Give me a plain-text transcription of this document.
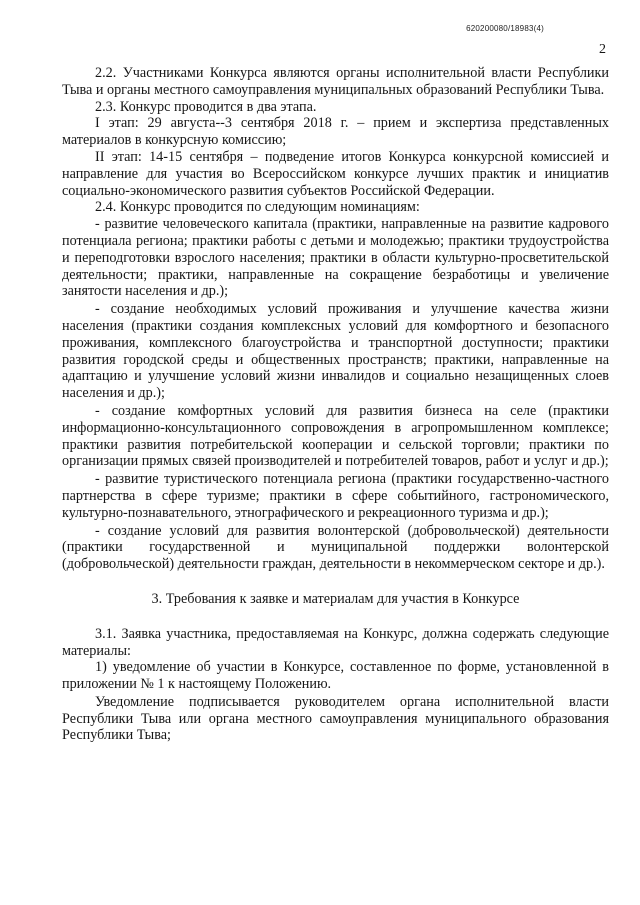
620200080/18983(4)
2

2.2. Участниками Конкурса являются органы исполнительной власти Республики Тыва и органы местного самоуправления муниципальных образований Республики Тыва.

2.3. Конкурс проводится в два этапа.

I этап: 29 августа--3 сентября 2018 г. – прием и экспертиза представленных материалов в конкурсную комиссию;

II этап: 14-15 сентября – подведение итогов Конкурса конкурсной комиссией и направление для участия во Всероссийском конкурсе лучших практик и инициатив социально-экономического развития субъектов Российской Федерации.

2.4. Конкурс проводится по следующим номинациям:

- развитие человеческого капитала (практики, направленные на развитие кадрового потенциала региона; практики работы с детьми и молодежью; практики трудоустройства и переподготовки взрослого населения; практики в области культурно-просветительской деятельности; практики, направленные на сокращение безработицы и увеличение занятости населения и др.);

- создание необходимых условий проживания и улучшение качества жизни населения (практики создания комплексных условий для комфортного и безопасного проживания, комплексного благоустройства и транспортной доступности; практики развития городской среды и общественных пространств; практики, направленные на адаптацию и улучшение условий жизни инвалидов и социально незащищенных слоев населения и др.);

- создание комфортных условий для развития бизнеса на селе (практики информационно-консультационного сопровождения в агропромышленном комплексе; практики развития потребительской кооперации и сельской торговли; практики по организации прямых связей производителей и потребителей товаров, работ и услуг и др.);

- развитие туристического потенциала региона (практики государственно-частного партнерства в сфере туризме; практики в сфере событийного, гастрономического, культурно-познавательного, этнографического и рекреационного туризма и др.);

- создание условий для развития волонтерской (добровольческой) деятельности (практики государственной и муниципальной поддержки волонтерской (добровольческой) деятельности граждан, деятельности в некоммерческом секторе и др.).

3. Требования к заявке и материалам для участия в Конкурсе

3.1. Заявка участника, предоставляемая на Конкурс, должна содержать следующие материалы:

1) уведомление об участии в Конкурсе, составленное по форме, установленной в приложении № 1 к настоящему Положению.

Уведомление подписывается руководителем органа исполнительной власти Республики Тыва или органа местного самоуправления муниципального образования Республики Тыва;
